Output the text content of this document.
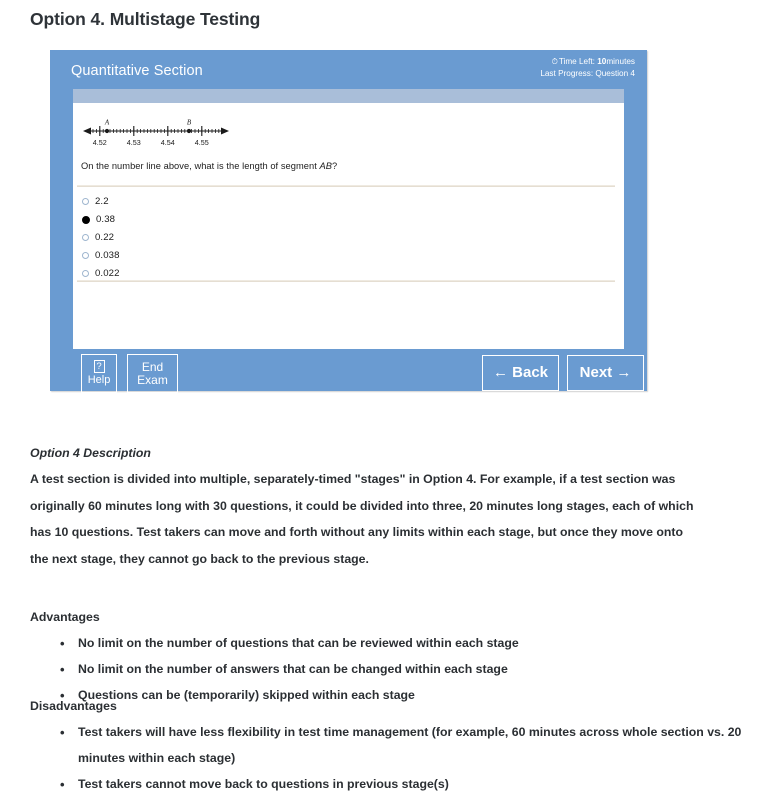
Option 4. Multistage Testing
Quantitative Section
⏱Time Left: 10minutes
Last Progress: Question 4
A	B
4.52	4.53	4.54	4.55
On the number line above, what is the length of segment AB?
2.2
0.38
0.22
0.038
0.022
?
Help
End
Exam	← Back	Next →
Option 4 Description

A test section is divided into multiple, separately-timed "stages" in Option 4. For example, if a test section was originally 60 minutes long with 30 questions, it could be divided into three, 20 minutes long stages, each of which has 10 questions. Test takers can move and forth without any limits within each stage, but once they move onto the next stage, they cannot go back to the previous stage.

Advantages
• No limit on the number of questions that can be reviewed within each stage
• No limit on the number of answers that can be changed within each stage
• Questions can be (temporarily) skipped within each stage
Disadvantages
• Test takers will have less flexibility in test time management (for example, 60 minutes across whole section vs. 20 minutes within each stage)
• Test takers cannot move back to questions in previous stage(s)
